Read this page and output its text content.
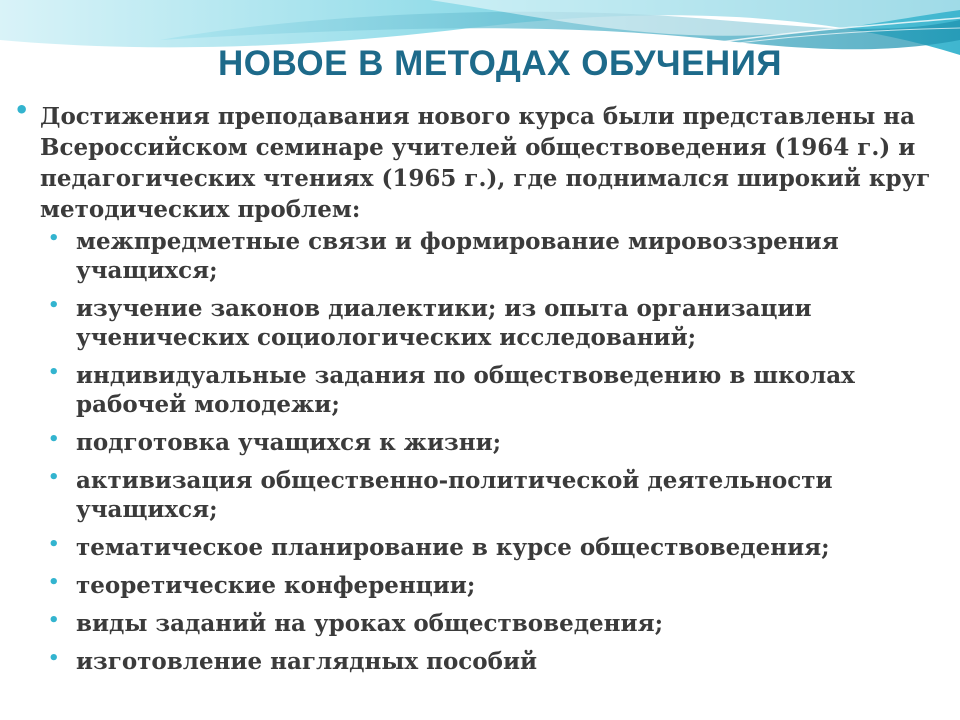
НОВОЕ В МЕТОДАХ ОБУЧЕНИЯ

• Достижения преподавания нового курса были представлены на Всероссийском семинаре учителей обществоведения (1964 г.) и педагогических чтениях (1965 г.), где поднимался широкий круг методических проблем:

• межпредметные связи и формирование мировоззрения учащихся;
• изучение законов диалектики; из опыта организации ученических социологических исследований;
• индивидуальные задания по обществоведению в школах рабочей молодежи;
• подготовка учащихся к жизни;
• активизация общественно-политической деятельности учащихся;
• тематическое планирование в курсе обществоведения;
• теоретические конференции;
• виды заданий на уроках обществоведения;
• изготовление наглядных пособий
